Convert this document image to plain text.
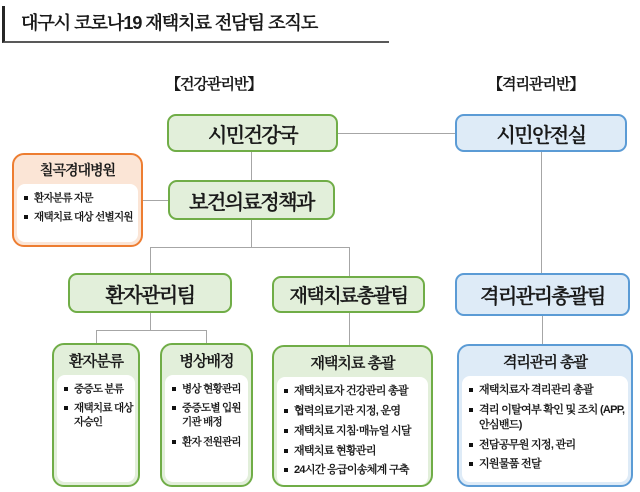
대구시 코로나19 재택치료 전담팀 조직도
【건강관리반】	【격리관리반】
시민건강국	시민안전실
칠곡경대병원
환자분류 자문
재택치료 대상 선별지원
보건의료정책과
환자관리팀	재택치료총괄팀	격리관리총괄팀
환자분류
중증도 분류
재택치료 대상자승인
병상배정
병상 현황관리
중증도별 입원기관 배정
환자 전원관리
재택치료 총괄
재택치료자 건강관리 총괄
협력의료기관 지정, 운영
재택치료 지침·매뉴얼 시달
재택치료 현황관리
24시간 응급이송체계 구축
격리관리 총괄
재택치료자 격리관리 총괄
격리 이탈여부 확인 및 조치 (APP, 안심밴드)
전담공무원 지정, 관리
지원물품 전달
